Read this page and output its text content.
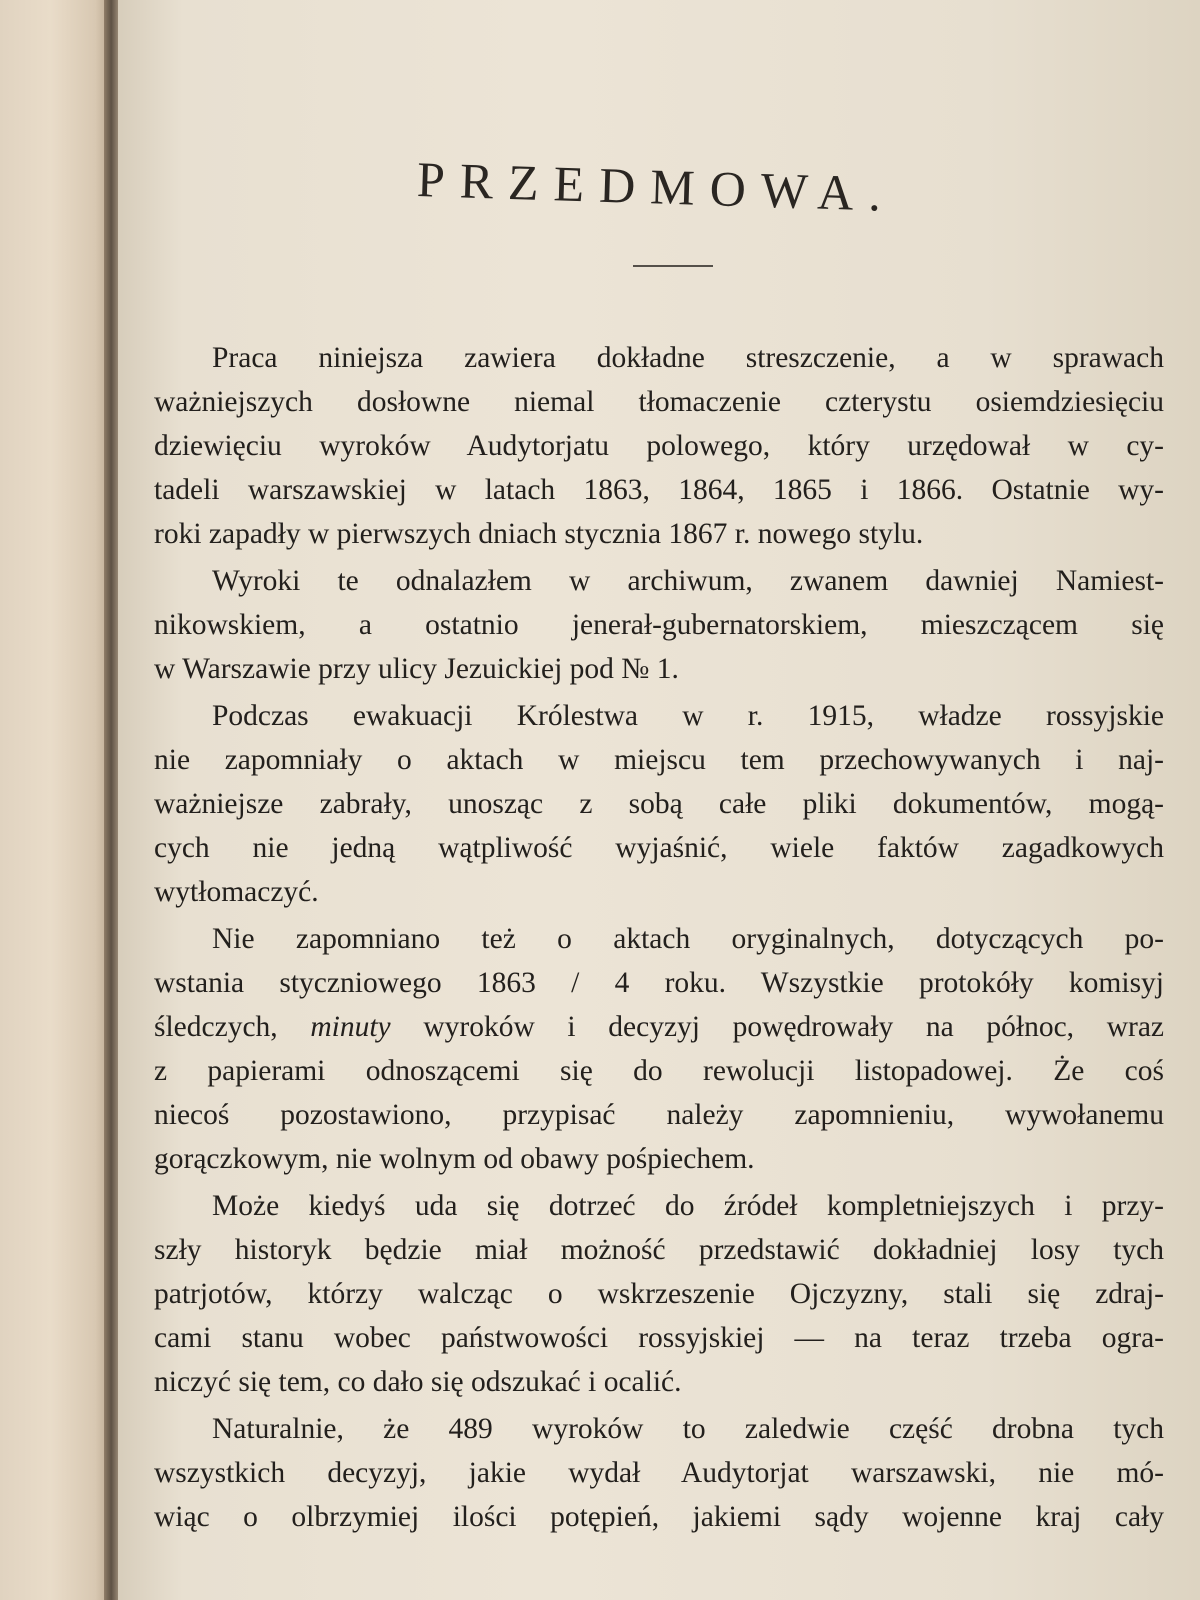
PRZEDMOWA.
Praca niniejsza zawiera dokładne streszczenie, a w sprawach
ważniejszych dosłowne niemal tłomaczenie czterystu osiemdziesięciu
dziewięciu wyroków Audytorjatu polowego, który urzędował w cy-
tadeli warszawskiej w latach 1863, 1864, 1865 i 1866. Ostatnie wy-
roki zapadły w pierwszych dniach stycznia 1867 r. nowego stylu.
Wyroki te odnalazłem w archiwum, zwanem dawniej Namiest-
nikowskiem, a ostatnio jenerał-gubernatorskiem, mieszczącem się
w Warszawie przy ulicy Jezuickiej pod № 1.
Podczas ewakuacji Królestwa w r. 1915, władze rossyjskie
nie zapomniały o aktach w miejscu tem przechowywanych i naj-
ważniejsze zabrały, unosząc z sobą całe pliki dokumentów, mogą-
cych nie jedną wątpliwość wyjaśnić, wiele faktów zagadkowych
wytłomaczyć.
Nie zapomniano też o aktach oryginalnych, dotyczących po-
wstania styczniowego 1863 / 4 roku. Wszystkie protokóły komisyj
śledczych, minuty wyroków i decyzyj powędrowały na północ, wraz
z papierami odnoszącemi się do rewolucji listopadowej. Że coś
niecoś pozostawiono, przypisać należy zapomnieniu, wywołanemu
gorączkowym, nie wolnym od obawy pośpiechem.
Może kiedyś uda się dotrzeć do źródeł kompletniejszych i przy-
szły historyk będzie miał możność przedstawić dokładniej losy tych
patrjotów, którzy walcząc o wskrzeszenie Ojczyzny, stali się zdraj-
cami stanu wobec państwowości rossyjskiej — na teraz trzeba ogra-
niczyć się tem, co dało się odszukać i ocalić.
Naturalnie, że 489 wyroków to zaledwie część drobna tych
wszystkich decyzyj, jakie wydał Audytorjat warszawski, nie mó-
wiąc o olbrzymiej ilości potępień, jakiemi sądy wojenne kraj cały
